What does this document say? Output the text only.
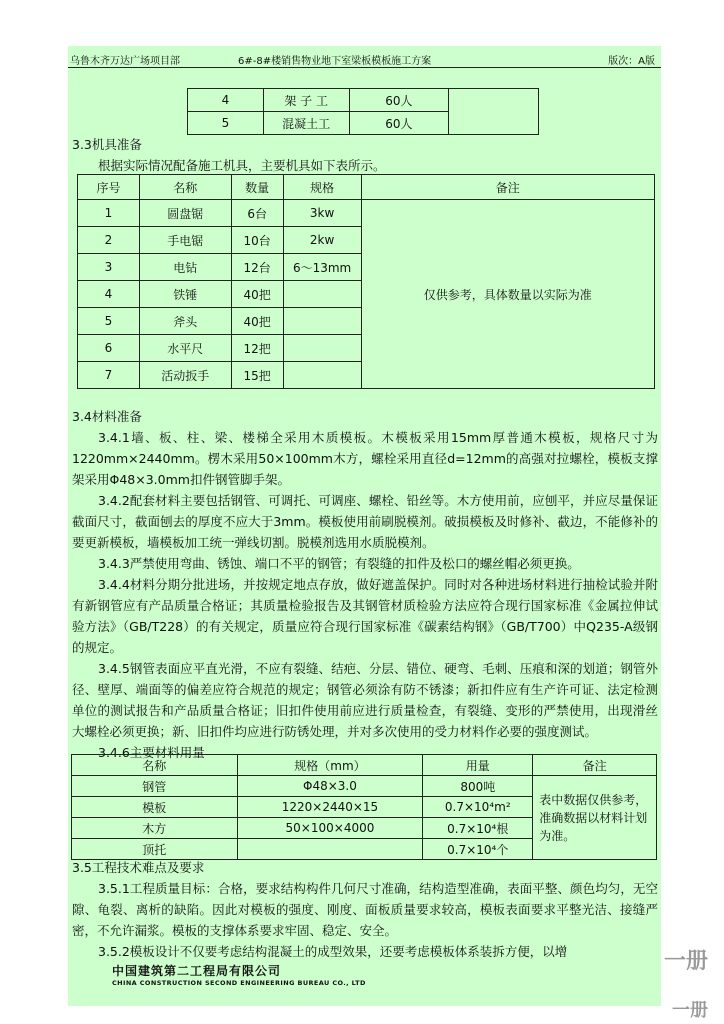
乌鲁木齐万达广场项目部	6#-8#楼销售物业地下室梁板模板施工方案	版次：A版
4	架 子 工	60人	
5	混凝土工	60人	

3.3机具准备

根据实际情况配备施工机具，主要机具如下表所示。

序号	名称	数量	规格	备注
1	圆盘锯	6台	3kw	仅供参考，具体数量以实际为准
2	手电锯	10台	2kw	
3	电钻	12台	6～13mm	
4	铁锤	40把		
5	斧头	40把		
6	水平尺	12把		
7	活动扳手	15把		

3.4材料准备

3.4.1墙、板、柱、梁、楼梯全采用木质模板。木模板采用15mm厚普通木模板，规格尺寸为1220mm×2440mm。楞木采用50×100mm木方，螺栓采用直径d=12mm的高强对拉螺栓，模板支撑架采用Φ48×3.0mm扣件钢管脚手架。

3.4.2配套材料主要包括钢管、可调托、可调座、螺栓、铅丝等。木方使用前，应刨平，并应尽量保证截面尺寸，截面刨去的厚度不应大于3mm。模板使用前刷脱模剂。破损模板及时修补、截边，不能修补的要更新模板，墙模板加工统一弹线切割。脱模剂选用水质脱模剂。

3.4.3严禁使用弯曲、锈蚀、端口不平的钢管；有裂缝的扣件及松口的螺丝帽必须更换。

3.4.4材料分期分批进场，并按规定地点存放，做好遮盖保护。同时对各种进场材料进行抽检试验并附有新钢管应有产品质量合格证；其质量检验报告及其钢管材质检验方法应符合现行国家标准《金属拉伸试验方法》（GB/T228）的有关规定，质量应符合现行国家标准《碳素结构钢》（GB/T700）中Q235-A级钢的规定。

3.4.5钢管表面应平直光滑，不应有裂缝、结疤、分层、错位、硬弯、毛刺、压痕和深的划道；钢管外径、壁厚、端面等的偏差应符合规范的规定；钢管必须涂有防不锈漆；新扣件应有生产许可证、法定检测单位的测试报告和产品质量合格证；旧扣件使用前应进行质量检查，有裂缝、变形的严禁使用，出现滑丝大螺栓必须更换；新、旧扣件均应进行防锈处理，并对多次使用的受力材料作必要的强度测试。

3.4.6主要材料用量

名称	规格（mm）	用量	备注
钢管	Φ48×3.0	800吨	表中数据仅供参考，准确数据以材料计划为准。
模板	1220×2440×15	0.7×10⁴m²	
木方	50×100×4000	0.7×10⁴根	
顶托		0.7×10⁴个	

3.5工程技术难点及要求

3.5.1工程质量目标：合格，要求结构构件几何尺寸准确，结构造型准确，表面平整、颜色均匀，无空隙、龟裂、离析的缺陷。因此对模板的强度、刚度、面板质量要求较高，模板表面要求平整光洁、接缝严密，不允许漏浆。模板的支撑体系要求牢固、稳定、安全。

3.5.2模板设计不仅要考虑结构混凝土的成型效果，还要考虑模板体系装拆方便，以增

中国建筑第二工程局有限公司
CHINA CONSTRUCTION SECOND ENGINEERING BUREAU CO., LTD
一册
一册
